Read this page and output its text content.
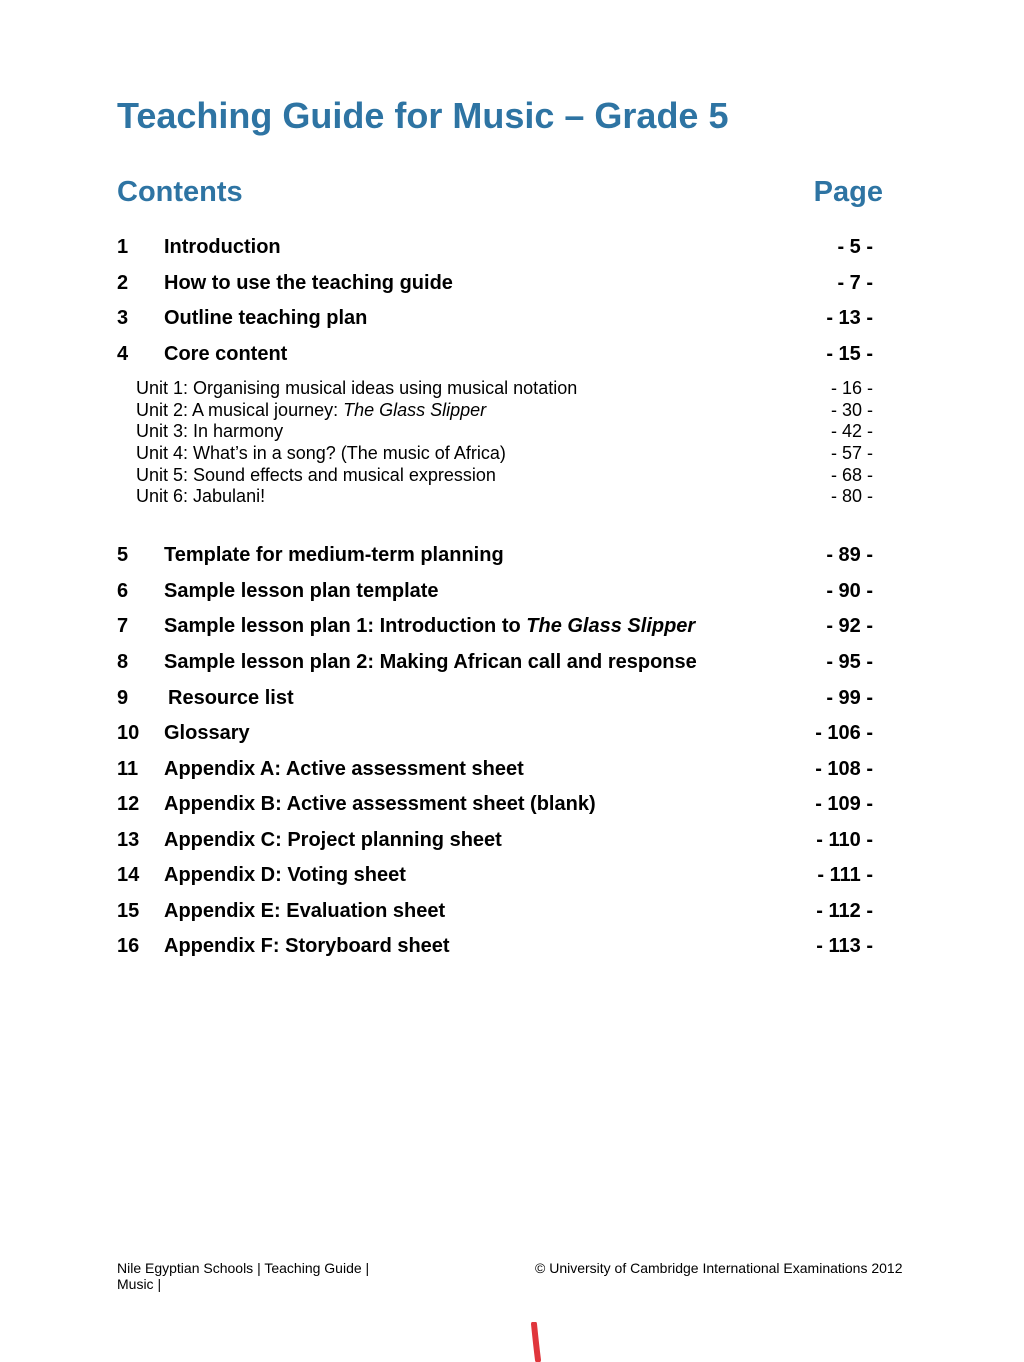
Teaching Guide for Music – Grade 5
Contents	Page
1 Introduction	- 5 -
2 How to use the teaching guide	- 7 -
3 Outline teaching plan	- 13 -
4 Core content	- 15 -
Unit 1: Organising musical ideas using musical notation	- 16 -
Unit 2: A musical journey: The Glass Slipper	- 30 -
Unit 3: In harmony	- 42 -
Unit 4: What’s in a song? (The music of Africa)	- 57 -
Unit 5: Sound effects and musical expression	- 68 -
Unit 6: Jabulani!	- 80 -
5 Template for medium-term planning	- 89 -
6 Sample lesson plan template	- 90 -
7 Sample lesson plan 1: Introduction to The Glass Slipper	- 92 -
8 Sample lesson plan 2: Making African call and response	- 95 -
9 Resource list	- 99 -
10 Glossary	- 106 -
11 Appendix A: Active assessment sheet	- 108 -
12 Appendix B: Active assessment sheet (blank)	- 109 -
13 Appendix C: Project planning sheet	- 110 -
14 Appendix D: Voting sheet	- 111 -
15 Appendix E: Evaluation sheet	- 112 -
16 Appendix F: Storyboard sheet	- 113 -
Nile Egyptian Schools | Teaching Guide | Music |
© University of Cambridge International Examinations 2012
